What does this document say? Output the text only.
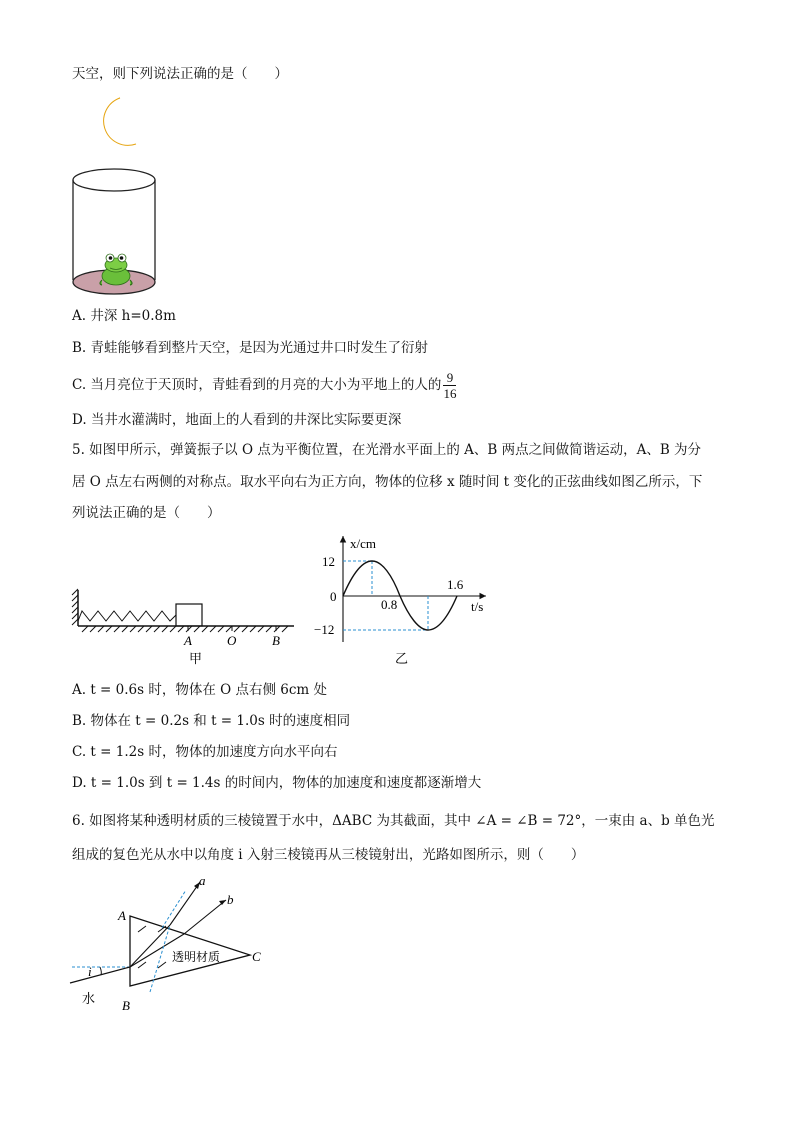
天空，则下列说法正确的是（　　）
A. 井深 h=0.8m
B. 青蛙能够看到整片天空，是因为光通过井口时发生了衍射
C. 当月亮位于天顶时，青蛙看到的月亮的大小为平地上的人的 $\frac{9}{16}$
D. 当井水灌满时，地面上的人看到的井深比实际要更深
5. 如图甲所示，弹簧振子以 O 点为平衡位置，在光滑水平面上的 A、B 两点之间做简谐运动，A、B 为分
居 O 点左右两侧的对称点。取水平向右为正方向，物体的位移 x 随时间 t 变化的正弦曲线如图乙所示，下
列说法正确的是（　　）
A	O	B
甲
x/cm
t/s
12
0
−12
0.8
1.6
乙
A. t = 0.6s 时，物体在 O 点右侧 6cm 处
B. 物体在 t = 0.2s 和 t = 1.0s 时的速度相同
C. t = 1.2s 时，物体的加速度方向水平向右
D. t = 1.0s 到 t = 1.4s 的时间内，物体的加速度和速度都逐渐增大
6. 如图将某种透明材质的三棱镜置于水中，ΔABC 为其截面，其中 ∠A = ∠B = 72°，一束由 a、b 单色光
组成的复色光从水中以角度 i 入射三棱镜再从三棱镜射出，光路如图所示，则（　　）
a
b
A
B
C
i
透明材质
水
